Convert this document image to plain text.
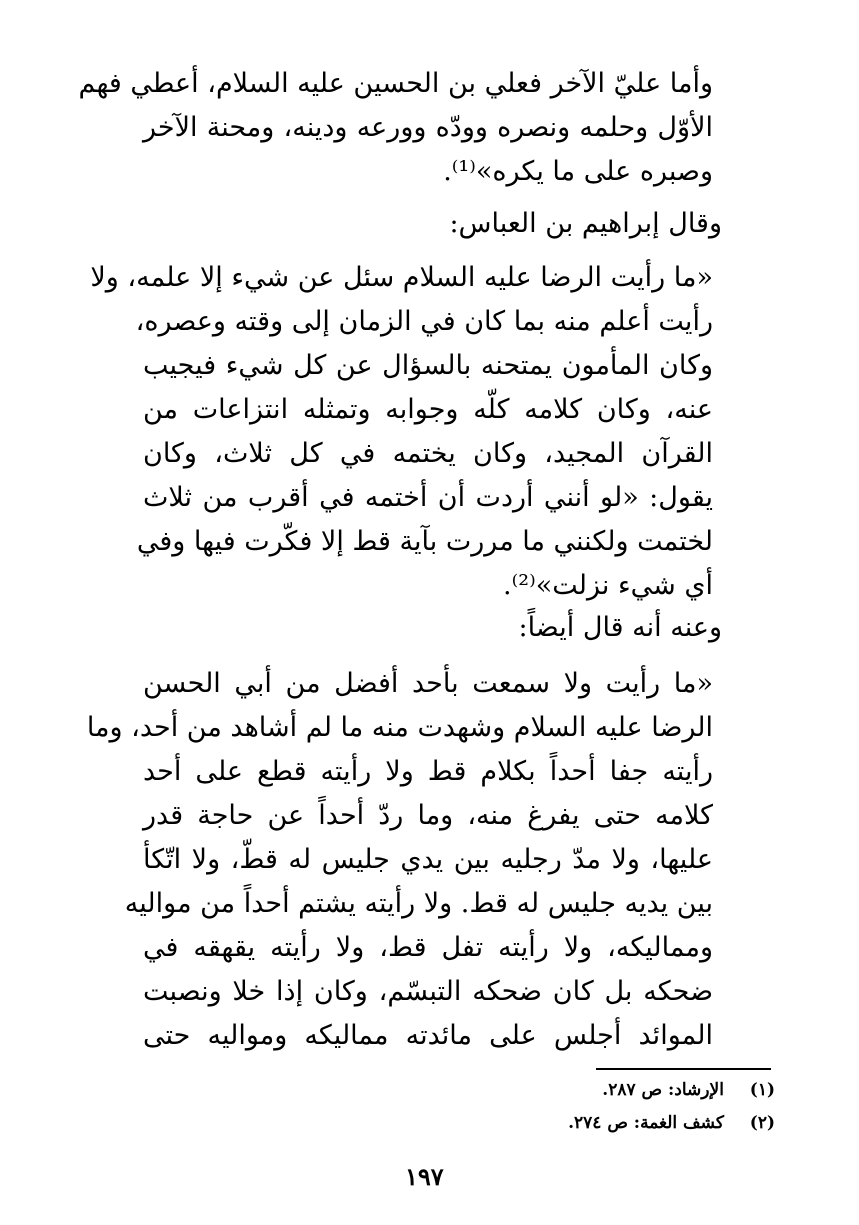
وأما عليّ الآخر فعلي بن الحسين عليه السلام، أعطي فهم
الأوّل وحلمه ونصره وودّه وورعه ودينه، ومحنة الآخر
وصبره على ما يكره»⁽¹⁾.
وقال إبراهيم بن العباس:
«ما رأيت الرضا عليه السلام سئل عن شيء إلا علمه، ولا
رأيت أعلم منه بما كان في الزمان إلى وقته وعصره،
وكان المأمون يمتحنه بالسؤال عن كل شيء فيجيب
عنه، وكان كلامه كلّه وجوابه وتمثله انتزاعات من
القرآن المجيد، وكان يختمه في كل ثلاث، وكان
يقول: «لو أنني أردت أن أختمه في أقرب من ثلاث
لختمت ولكنني ما مررت بآية قط إلا فكّرت فيها وفي
أي شيء نزلت»⁽²⁾.
وعنه أنه قال أيضاً:
«ما رأيت ولا سمعت بأحد أفضل من أبي الحسن
الرضا عليه السلام وشهدت منه ما لم أشاهد من أحد، وما
رأيته جفا أحداً بكلام قط ولا رأيته قطع على أحد
كلامه حتى يفرغ منه، وما ردّ أحداً عن حاجة قدر
عليها، ولا مدّ رجليه بين يدي جليس له قطّ، ولا اتّكأ
بين يديه جليس له قط. ولا رأيته يشتم أحداً من مواليه
ومماليكه، ولا رأيته تفل قط، ولا رأيته يقهقه في
ضحكه بل كان ضحكه التبسّم، وكان إذا خلا ونصبت
الموائد أجلس على مائدته مماليكه ومواليه حتى
(١)  الإرشاد: ص ٢٨٧.
(٢)  كشف الغمة: ص ٢٧٤.
١٩٧
